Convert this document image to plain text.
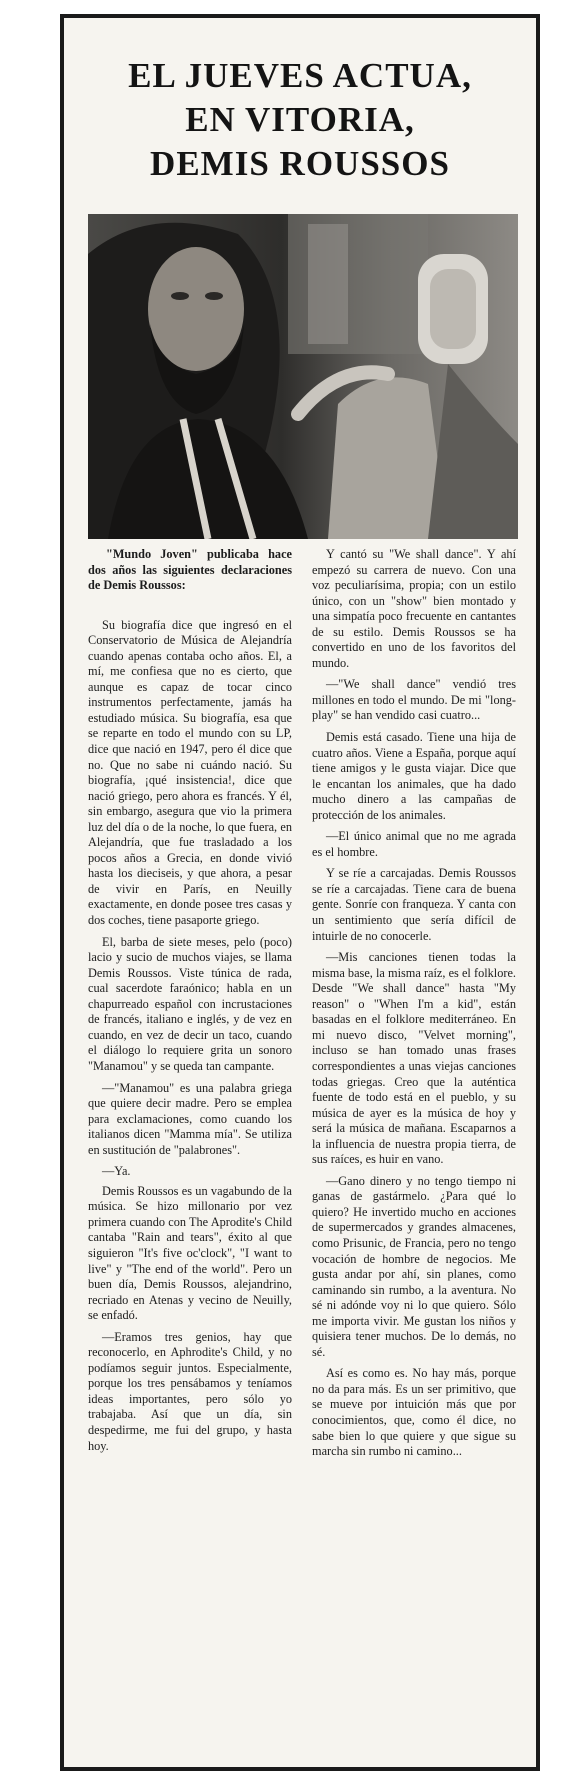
EL JUEVES ACTUA,
EN VITORIA,
DEMIS ROUSSOS

"Mundo Joven" publicaba hace dos años las siguientes declaraciones de Demis Roussos:

Su biografía dice que ingresó en el Conservatorio de Música de Alejandría cuando apenas contaba ocho años. El, a mí, me confiesa que no es cierto, que aunque es capaz de tocar cinco instrumentos perfectamente, jamás ha estudiado música. Su biografía, esa que se reparte en todo el mundo con su LP, dice que nació en 1947, pero él dice que no. Que no sabe ni cuándo nació. Su biografía, ¡qué insistencia!, dice que nació griego, pero ahora es francés. Y él, sin embargo, asegura que vio la primera luz del día o de la noche, lo que fuera, en Alejandría, que fue trasladado a los pocos años a Grecia, en donde vivió hasta los dieciseis, y que ahora, a pesar de vivir en París, en Neuilly exactamente, en donde posee tres casas y dos coches, tiene pasaporte griego.

El, barba de siete meses, pelo (poco) lacio y sucio de muchos viajes, se llama Demis Roussos. Viste túnica de rada, cual sacerdote faraónico; habla en un chapurreado español con incrustaciones de francés, italiano e inglés, y de vez en cuando, en vez de decir un taco, cuando el diálogo lo requiere grita un sonoro "Manamou" y se queda tan campante.

—"Manamou" es una palabra griega que quiere decir madre. Pero se emplea para exclamaciones, como cuando los italianos dicen "Mamma mía". Se utiliza en sustitución de "palabrones".

—Ya.

Demis Roussos es un vagabundo de la música. Se hizo millonario por vez primera cuando con The Aprodite's Child cantaba "Rain and tears", éxito al que siguieron "It's five oc'clock", "I want to live" y "The end of the world". Pero un buen día, Demis Roussos, alejandrino, recriado en Atenas y vecino de Neuilly, se enfadó.

—Eramos tres genios, hay que reconocerlo, en Aphrodite's Child, y no podíamos seguir juntos. Especialmente, porque los tres pensábamos y teníamos ideas importantes, pero sólo yo trabajaba. Así que un día, sin despedirme, me fui del grupo, y hasta hoy.

Y cantó su "We shall dance". Y ahí empezó su carrera de nuevo. Con una voz peculiarísima, propia; con un estilo único, con un "show" bien montado y una simpatía poco frecuente en cantantes de su estilo. Demis Roussos se ha convertido en uno de los favoritos del mundo.

—"We shall dance" vendió tres millones en todo el mundo. De mi "long-play" se han vendido casi cuatro...

Demis está casado. Tiene una hija de cuatro años. Viene a España, porque aquí tiene amigos y le gusta viajar. Dice que le encantan los animales, que ha dado mucho dinero a las campañas de protección de los animales.

—El único animal que no me agrada es el hombre.

Y se ríe a carcajadas. Demis Roussos se ríe a carcajadas. Tiene cara de buena gente. Sonríe con franqueza. Y canta con un sentimiento que sería difícil de intuirle de no conocerle.

—Mis canciones tienen todas la misma base, la misma raíz, es el folklore. Desde "We shall dance" hasta "My reason" o "When I'm a kid", están basadas en el folklore mediterráneo. En mi nuevo disco, "Velvet morning", incluso se han tomado unas frases correspondientes a unas viejas canciones todas griegas. Creo que la auténtica fuente de todo está en el pueblo, y su música de ayer es la música de hoy y será la música de mañana. Escaparnos a la influencia de nuestra propia tierra, de sus raíces, es huir en vano.

—Gano dinero y no tengo tiempo ni ganas de gastármelo. ¿Para qué lo quiero? He invertido mucho en acciones de supermercados y grandes almacenes, como Prisunic, de Francia, pero no tengo vocación de hombre de negocios. Me gusta andar por ahí, sin planes, como caminando sin rumbo, a la aventura. No sé ni adónde voy ni lo que quiero. Sólo me importa vivir. Me gustan los niños y quisiera tener muchos. De lo demás, no sé.

Así es como es. No hay más, porque no da para más. Es un ser primitivo, que se mueve por intuición más que por conocimientos, que, como él dice, no sabe bien lo que quiere y que sigue su marcha sin rumbo ni camino...
